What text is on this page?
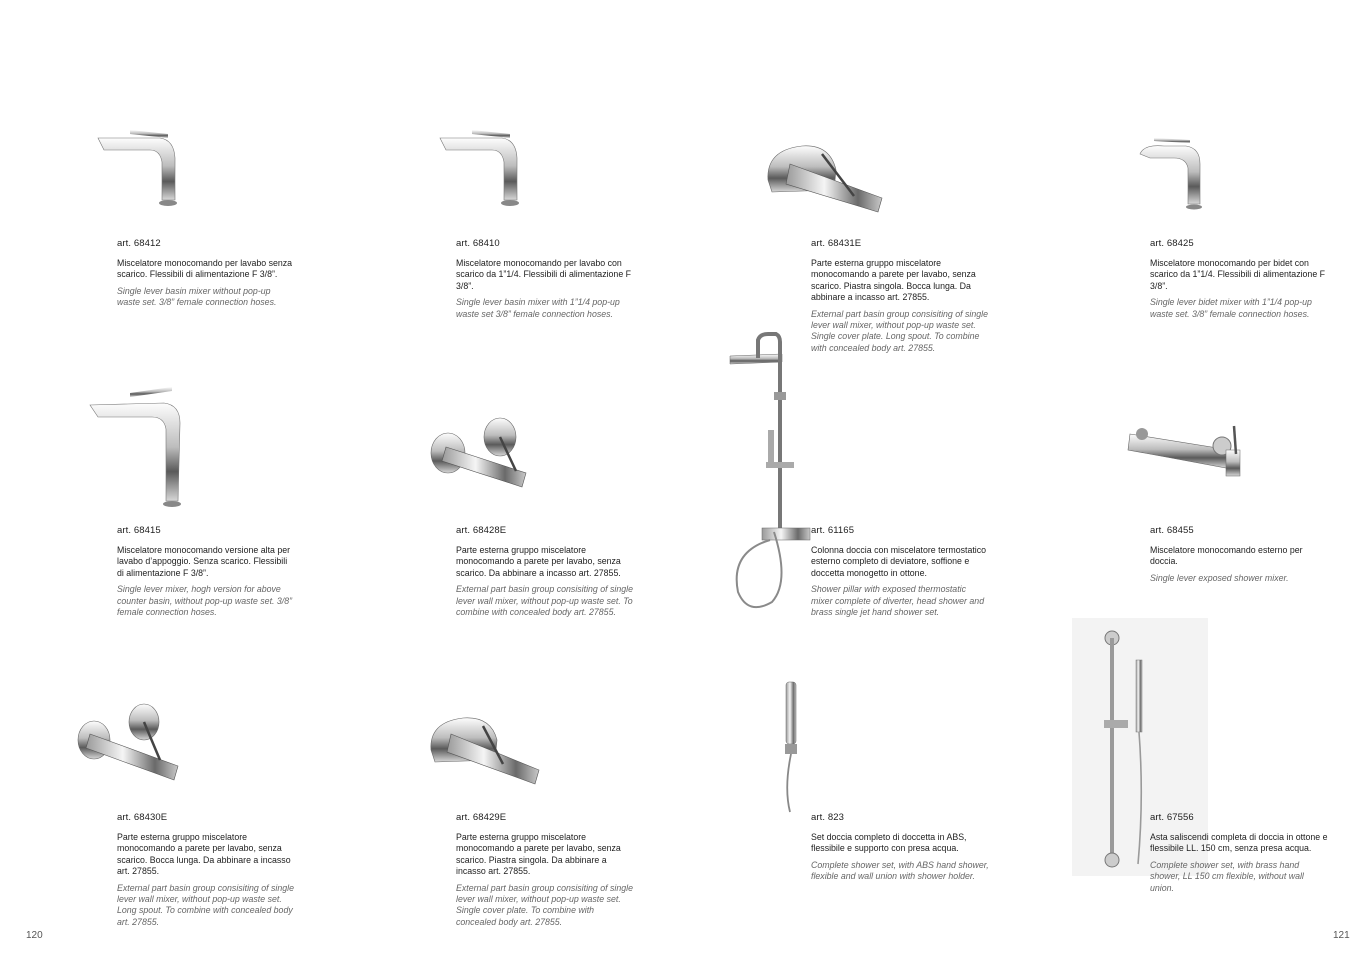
art. 68412

Miscelatore monocomando per lavabo senza scarico. Flessibili di alimentazione F 3/8”.

Single lever basin mixer without pop-up waste set. 3/8” female connection hoses.

art. 68410

Miscelatore monocomando per lavabo con scarico da 1”1/4. Flessibili di alimentazione F 3/8”.

Single lever basin mixer with 1”1/4 pop-up waste set 3/8” female connection hoses.

art. 68431E

Parte esterna gruppo miscelatore monocomando a parete per lavabo, senza scarico. Piastra singola. Bocca lunga. Da abbinare a incasso art. 27855.

External part basin group consisiting of single lever wall mixer, without pop-up waste set. Single cover plate. Long spout. To combine with concealed body art. 27855.

art. 68425

Miscelatore monocomando per bidet con scarico da 1”1/4. Flessibili di alimentazione F 3/8”.

Single lever bidet mixer with 1”1/4 pop-up waste set. 3/8” female connection hoses.

art. 68415

Miscelatore monocomando versione alta per lavabo d’appoggio. Senza scarico. Flessibili di alimentazione F 3/8”.

Single lever mixer, hogh version for above counter basin, without pop-up waste set. 3/8” female connection hoses.

art. 68428E

Parte esterna gruppo miscelatore monocomando a parete per lavabo, senza scarico. Da abbinare a incasso art. 27855.

External part basin group consisiting of single lever wall mixer, without pop-up waste set. To combine with concealed body art. 27855.

art. 61165

Colonna doccia con miscelatore termostatico esterno completo di deviatore, soffione e doccetta monogetto in ottone.

Shower pillar with exposed thermostatic mixer complete of diverter, head shower and brass single jet hand shower set.

art. 68455

Miscelatore monocomando esterno per doccia.

Single lever exposed shower mixer.

art. 68430E

Parte esterna gruppo miscelatore monocomando a parete per lavabo, senza scarico. Bocca lunga. Da abbinare a incasso art. 27855.

External part basin group consisiting of single lever wall mixer, without pop-up waste set. Long spout. To combine with concealed body art. 27855.

art. 68429E

Parte esterna gruppo miscelatore monocomando a parete per lavabo, senza scarico. Piastra singola. Da abbinare a incasso art. 27855.

External part basin group consisiting of single lever wall mixer, without pop-up waste set. Single cover plate. To combine with concealed body art. 27855.

art. 823

Set doccia completo di doccetta in ABS, flessibile e supporto con presa acqua.

Complete shower set, with ABS hand shower, flexible and wall union with shower holder.

art. 67556

Asta saliscendi completa di doccia in ottone e flessibile LL. 150 cm, senza presa acqua.

Complete shower set, with brass hand shower, LL 150 cm flexible, without wall union.

120	121
